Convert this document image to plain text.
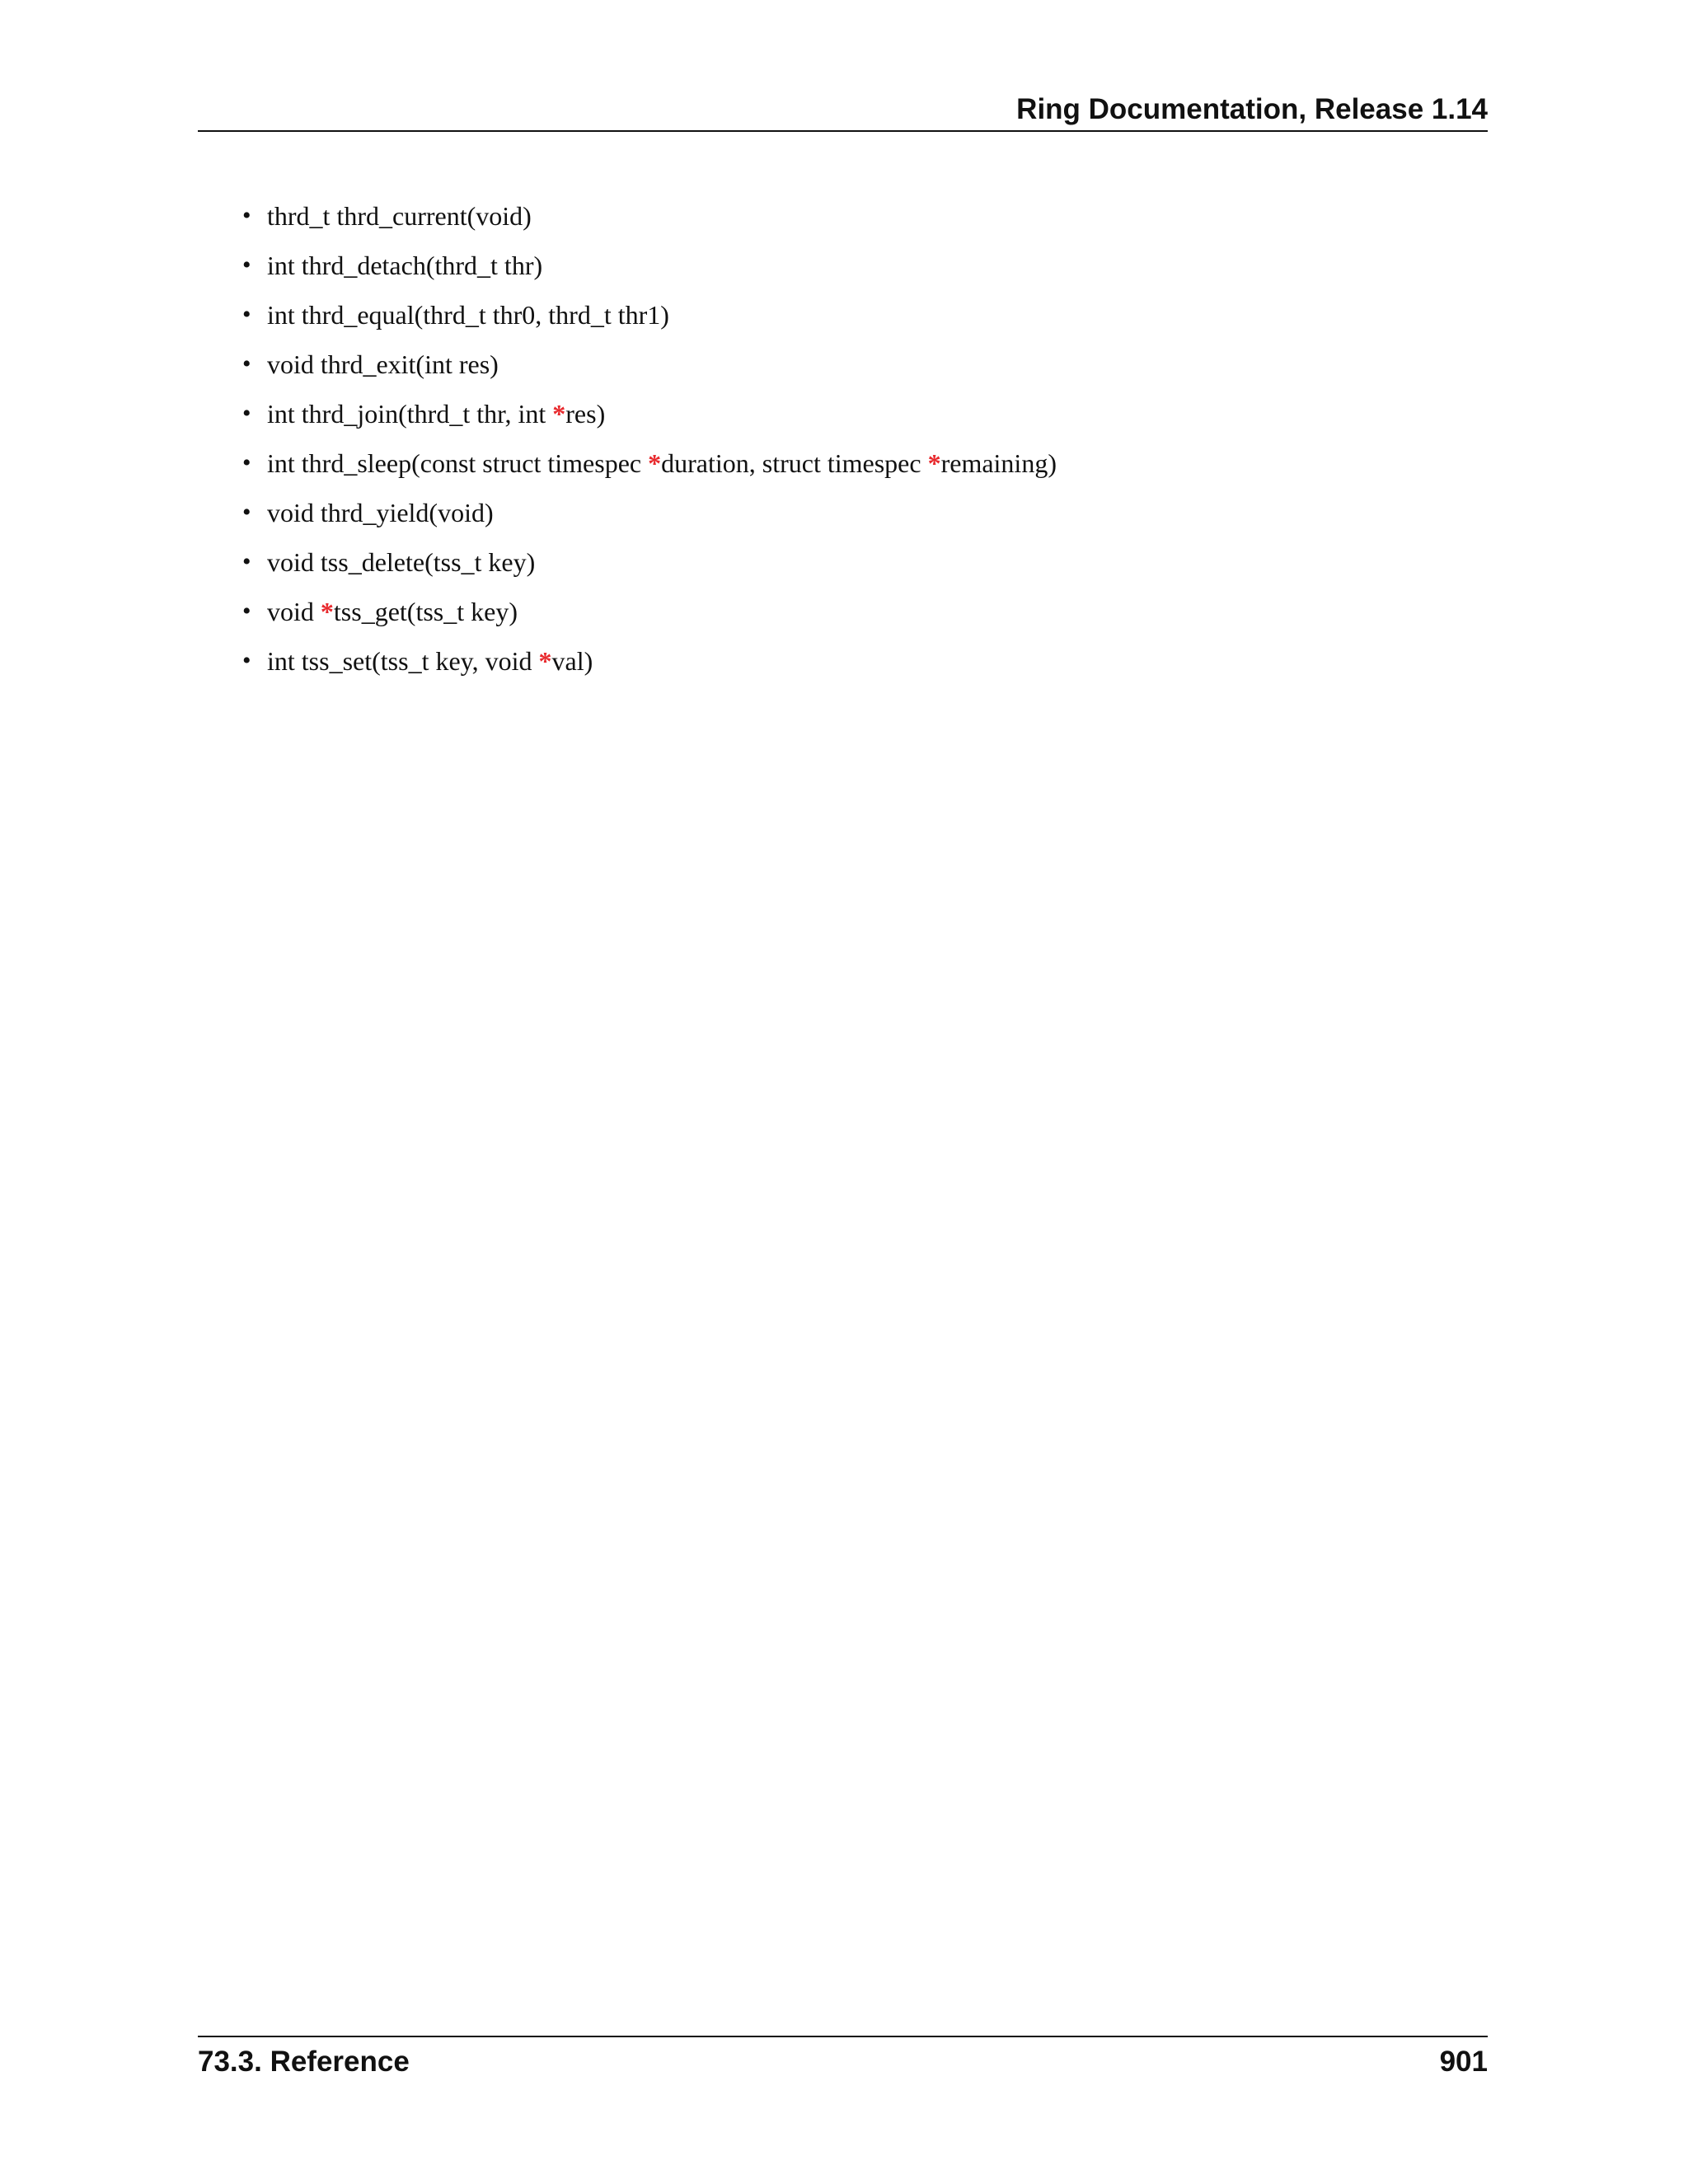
Ring Documentation, Release 1.14
• thrd_t thrd_current(void)
• int thrd_detach(thrd_t thr)
• int thrd_equal(thrd_t thr0, thrd_t thr1)
• void thrd_exit(int res)
• int thrd_join(thrd_t thr, int *res)
• int thrd_sleep(const struct timespec *duration, struct timespec *remaining)
• void thrd_yield(void)
• void tss_delete(tss_t key)
• void *tss_get(tss_t key)
• int tss_set(tss_t key, void *val)
73.3. Reference	901
